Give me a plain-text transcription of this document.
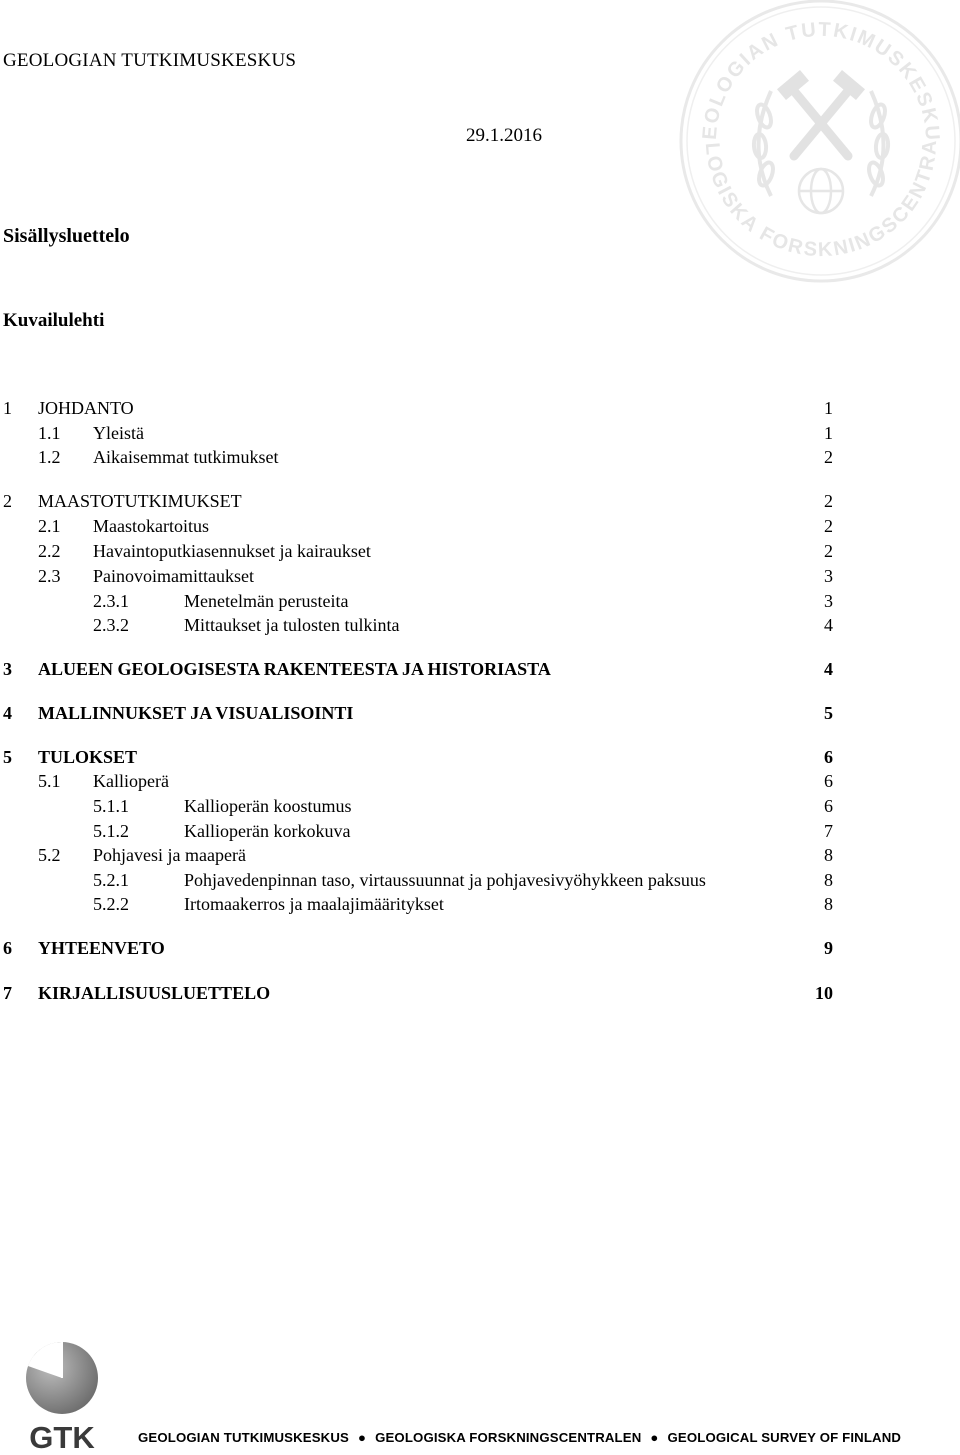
EOLOGIAN TUTKIMUSKESKU
LOGISKA FORSKNINGSCENTRA
GEOLOGIAN TUTKIMUSKESKUS
29.1.2016
Sisällysluettelo
Kuvailulehti
1 JOHDANTO	1
1.1 Yleistä	1
1.2 Aikaisemmat tutkimukset	2
2 MAASTOTUTKIMUKSET	2
2.1 Maastokartoitus	2
2.2 Havaintoputkiasennukset ja kairaukset	2
2.3 Painovoimamittaukset	3
2.3.1	Menetelmän perusteita	3
2.3.2	Mittaukset ja tulosten tulkinta	4
3 ALUEEN GEOLOGISESTA RAKENTEESTA JA HISTORIASTA	4
4 MALLINNUKSET JA VISUALISOINTI	5
5 TULOKSET	6
5.1 Kallioperä	6
5.1.1	Kallioperän koostumus	6
5.1.2	Kallioperän korkokuva	7
5.2 Pohjavesi ja maaperä	8
5.2.1	Pohjavedenpinnan taso, virtaussuunnat ja pohjavesivyöhykkeen paksuus	8
5.2.2	Irtomaakerros ja maalajimääritykset	8
6 YHTEENVETO	9
7 KIRJALLISUUSLUETTELO	10
GTK	GEOLOGIAN TUTKIMUSKESKUS ● GEOLOGISKA FORSKNINGSCENTRALEN ● GEOLOGICAL SURVEY OF FINLAND
